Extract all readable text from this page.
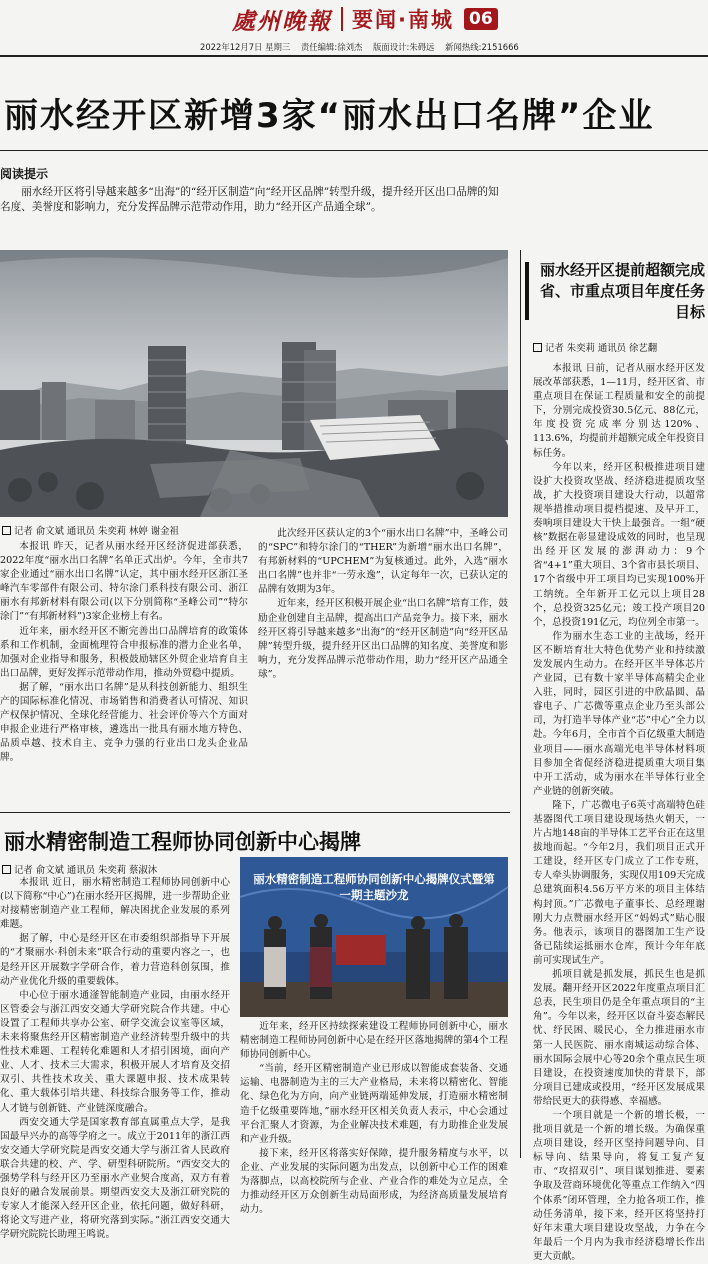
處州晚報 要闻·南城 06
2022年12月7日 星期三 责任编辑:徐刘杰 版面设计:朱碍远 新闻热线:2151666
丽水经开区新增3家“丽水出口名牌”企业
阅读提示
丽水经开区将引导越来越多“出海”的“经开区制造”向“经开区品牌”转型升级，提升经开区出口品牌的知名度、美誉度和影响力，充分发挥品牌示范带动作用，助力“经开区产品通全球”。
记者 俞文斌 通讯员 朱奕莉 林婷 谢金祖

本报讯 昨天，记者从丽水经开区经济促进部获悉，2022年度“丽水出口名牌”名单正式出炉。今年，全市共7家企业通过“丽水出口名牌”认定，其中丽水经开区浙江圣峰汽车零部件有限公司、特尔涂门系科技有限公司、浙江丽水有邦新材料有限公司(以下分别简称“圣峰公司”“特尔涂门”“有邦新材料”)3家企业榜上有名。

近年来，丽水经开区不断完善出口品牌培育的政策体系和工作机制，金面梳理符合申报标准的潜力企业名单，加强对企业指导和服务，积极鼓励辖区外贸企业培育自主出口品牌，更好发挥示范带动作用，推动外贸稳中提质。

据了解，“丽水出口名牌”是从科技创新能力、组织生产的国际标准化情况、市场销售和消费者认可情况、知识产权保护情况、全球化经营能力、社会评价等六个方面对申报企业进行严格审核，遴选出一批具有丽水地方特色、品质卓越、技术自主、竞争力强的行业出口龙头企业品牌。

此次经开区获认定的3个“丽水出口名牌”中，圣峰公司的“SPC”和特尔涂门的“THER”为新增“丽水出口名牌”，有邦新材料的“UPCHEM”为复核通过。此外，入选“丽水出口名牌”也并非“一劳永逸”，认定每年一次，已获认定的品牌有效期为3年。

近年来，经开区积极开展企业“出口名牌”培育工作，鼓励企业创建自主品牌，提高出口产品竞争力。接下来，丽水经开区将引导越来越多“出海”的“经开区制造”向“经开区品牌”转型升级，提升经开区出口品牌的知名度、美誉度和影响力，充分发挥品牌示范带动作用，助力“经开区产品通全球”。

丽水精密制造工程师协同创新中心揭牌
记者 俞文斌 通讯员 朱奕莉 蔡淑沐

本报讯 近日，丽水精密制造工程师协同创新中心(以下简称“中心”)在丽水经开区揭牌，进一步帮助企业对接精密制造产业工程师，解决困扰企业发展的系列难题。

据了解，中心是经开区在市委组织部指导下开展的“才聚丽水·科创未来”联合行动的重要内容之一，也是经开区开展数字学研合作，着力营造科创氛围，推动产业优化升级的重要载体。

中心位于丽水通滏智能制造产业园，由丽水经开区管委会与浙江西安交通大学研究院合作共建。中心设置了工程师共享办公室、研学交流会议室等区域，未来将聚焦经开区精密制造产业经济转型升级中的共性技术难题、工程转化难题和人才招引困境，面向产业、人才、技术三大需求，积极开展人才培育及交招双引、共性技术攻关、重大课题申报、技术成果转化、重大载体引培共建、科技综合服务等工作，推动人才链与创新链、产业链深度融合。

西安交通大学是国家教育部直属重点大学，是我国最早兴办的高等学府之一。成立于2011年的浙江西安交通大学研究院是西安交通大学与浙江省人民政府联合共建的校、产、学、研型科研院所。“西安交大的强势学科与经开区乃至丽水产业契合度高，双方有着良好的融合发展前景。期望西安交大及浙江研究院的专家人才能深入经开区企业，依托问题，做好科研，将论文写进产业，将研究落到实际。”浙江西安交通大学研究院院长助理王鸣说。

丽水精密制造工程师协同创新中心揭牌仪式暨第一期主题沙龙

近年来，经开区持续探索建设工程师协同创新中心，丽水精密制造工程师协同创新中心是在经开区落地揭牌的第4个工程师协同创新中心。

“当前，经开区精密制造产业已形成以智能成套装备、交通运输、电器制造为主的三大产业格局，未来将以精密化、智能化、绿色化为方向，向产业链两端延伸发展，打造丽水精密制造千亿级重要阵地，”丽水经开区相关负责人表示，中心会通过平台汇聚人才资源，为企业解决技术难题，有力助推企业发展和产业升级。

接下来，经开区将落实好保障，提升服务精度与水平，以企业、产业发展的实际问题为出发点，以创新中心工作的困难为落脚点，以高校院所与企业、产业合作的难处为立足点，全力推动经开区万众创新生动局面形成，为经济高质量发展培育动力。

丽水经开区提前超额完成省、市重点项目年度任务目标
记者 朱奕莉 通讯员 徐艺翻

本报讯 日前，记者从丽水经开区发展改革部获悉，1—11月，经开区省、市重点项目在保证工程质量和安全的前提下，分别完成投资30.5亿元、88亿元，年度投资完成率分别达120%、113.6%，均提前并超额完成全年投资目标任务。

今年以来，经开区积极推进项目建设扩大投资攻坚战、经济稳进提质攻坚战，扩大投资项目建设大行动，以超常规举措推动项目提档提速、及早开工，奏响项目建设大干快上最强音。一组“硬核”数据在彰显建设成效的同时，也呈现出经开区发展的澎湃动力：9个省“4+1”重大项目、3个省市县长项目、17个省级中开工项目均已实现100%开工纳统。全年新开工亿元以上项目28个，总投资325亿元；竣工投产项目20个，总投资191亿元，均位列全市第一。

作为丽水生态工业的主战场，经开区不断培育壮大特色优势产业和持续激发发展内生动力。在经开区半导体芯片产业园，已有数十家半导体高精尖企业入驻，同时，园区引进的中欣晶圆、晶睿电子、广芯微等重点企业乃至头部公司，为打造半导体产业“芯”中心”全力以赴。今年6月，全市首个百亿级重大制造业项目——丽水高端光电半导体材料项目参加全省促经济稳进提质重大项目集中开工活动，成为丽水在半导体行业全产业链的创新突破。

隆下，广芯微电子6英寸高端特色硅基器图代工项目建设现场热火朝天，一片占地148亩的半导体工艺平台正在这里拔地而起。“今年2月，我们项目正式开工建设，经开区专门成立了工作专班，专人牵头协调服务，实现仅用109天完成总建筑面积4.56万平方米的项目主体结构封顶。”广芯微电子董事长、总经理谢刚大力点赞丽水经开区“妈妈式”贴心服务。他表示，该项目的器图加工生产设备已陆续运抵丽水仓库，预计今年年底前可实现试生产。

抓项目就是抓发展，抓民生也是抓发展。翻开经开区2022年度重点项目汇总表，民生项目仍是全年重点项目的“主角”。今年以来，经开区以奋斗姿态解民忧、纾民困、暖民心，全力推进丽水市第一人民医院、丽水南城运动综合体、丽水国际会展中心等20余个重点民生项目建设，在投资速度加快的背景下，部分项目已建成或投用，“经开区发展成果带给民更大的获得感、幸福感。

一个项目就是一个新的增长极，一批项目就是一个新的增长级。为确保重点项目建设，经开区坚持问题导向、目标导向、结果导向，将复工复产复市、“攻招双引”、项目谋划推进、要素争取及营商环境优化等重点工作纳入“四个体系”闭环管理，全力抢各项工作，推动任务清单，接下来，经开区将坚持打好年末重大项目建设攻坚战，力争在今年最后一个月内为我市经济稳增长作出更大贡献。
